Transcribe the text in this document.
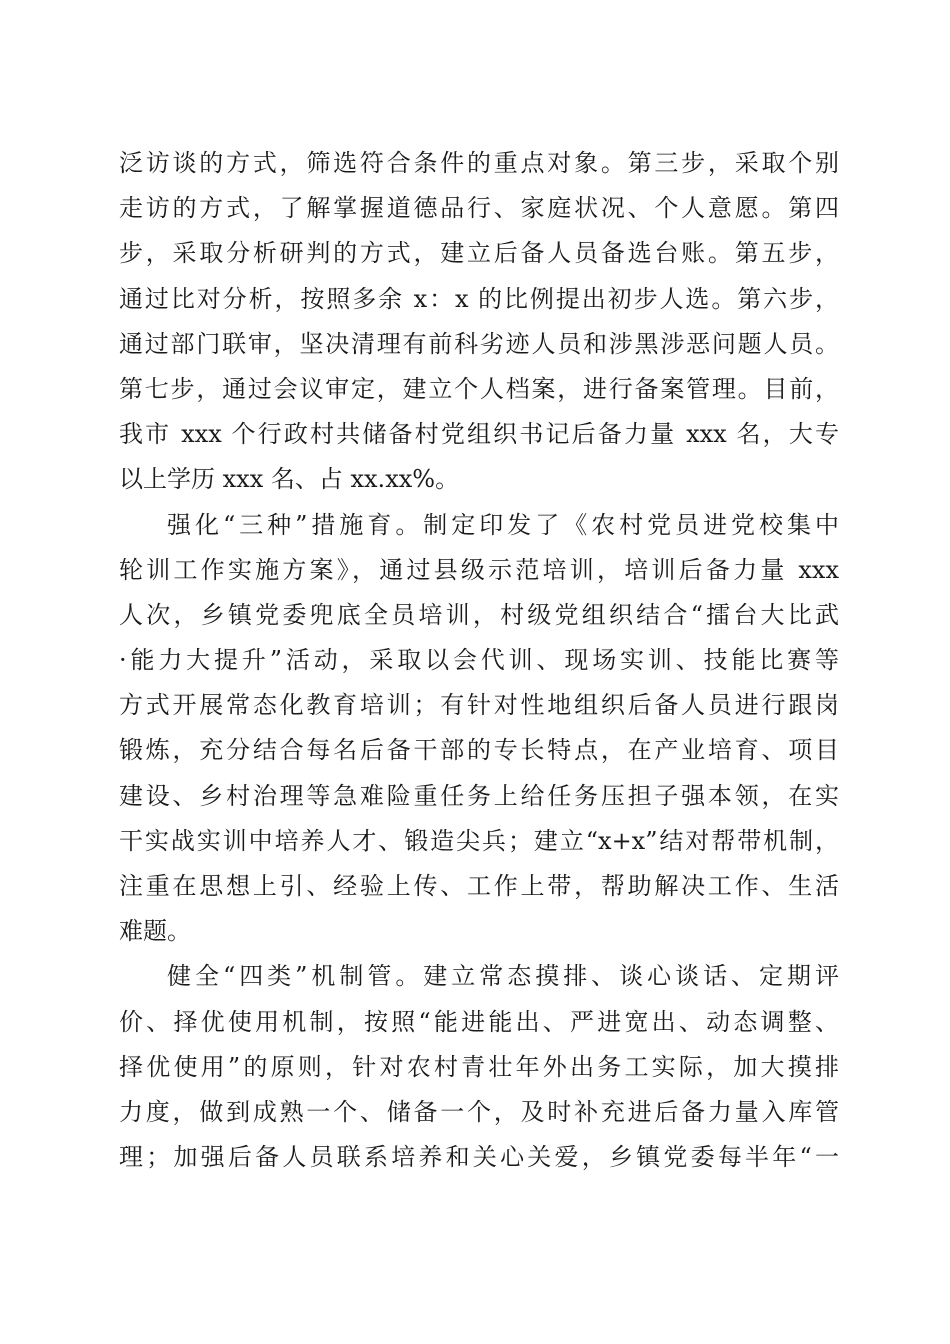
泛访谈的方式，筛选符合条件的重点对象。第三步，采取个别
走访的方式，了解掌握道德品行、家庭状况、个人意愿。第四
步，采取分析研判的方式，建立后备人员备选台账。第五步，
通过比对分析，按照多余 x：x 的比例提出初步人选。第六步，
通过部门联审，坚决清理有前科劣迹人员和涉黑涉恶问题人员。
第七步，通过会议审定，建立个人档案，进行备案管理。目前，
我市 xxx 个行政村共储备村党组织书记后备力量 xxx 名，大专
以上学历 xxx 名、占 xx.xx%。
强化“三种”措施育。制定印发了《农村党员进党校集中
轮训工作实施方案》，通过县级示范培训，培训后备力量 xxx
人次，乡镇党委兜底全员培训，村级党组织结合“擂台大比武
·能力大提升”活动，采取以会代训、现场实训、技能比赛等
方式开展常态化教育培训；有针对性地组织后备人员进行跟岗
锻炼，充分结合每名后备干部的专长特点，在产业培育、项目
建设、乡村治理等急难险重任务上给任务压担子强本领，在实
干实战实训中培养人才、锻造尖兵；建立“x+x”结对帮带机制，
注重在思想上引、经验上传、工作上带，帮助解决工作、生活
难题。
健全“四类”机制管。建立常态摸排、谈心谈话、定期评
价、择优使用机制，按照“能进能出、严进宽出、动态调整、
择优使用”的原则，针对农村青壮年外出务工实际，加大摸排
力度，做到成熟一个、储备一个，及时补充进后备力量入库管
理；加强后备人员联系培养和关心关爱，乡镇党委每半年“一
